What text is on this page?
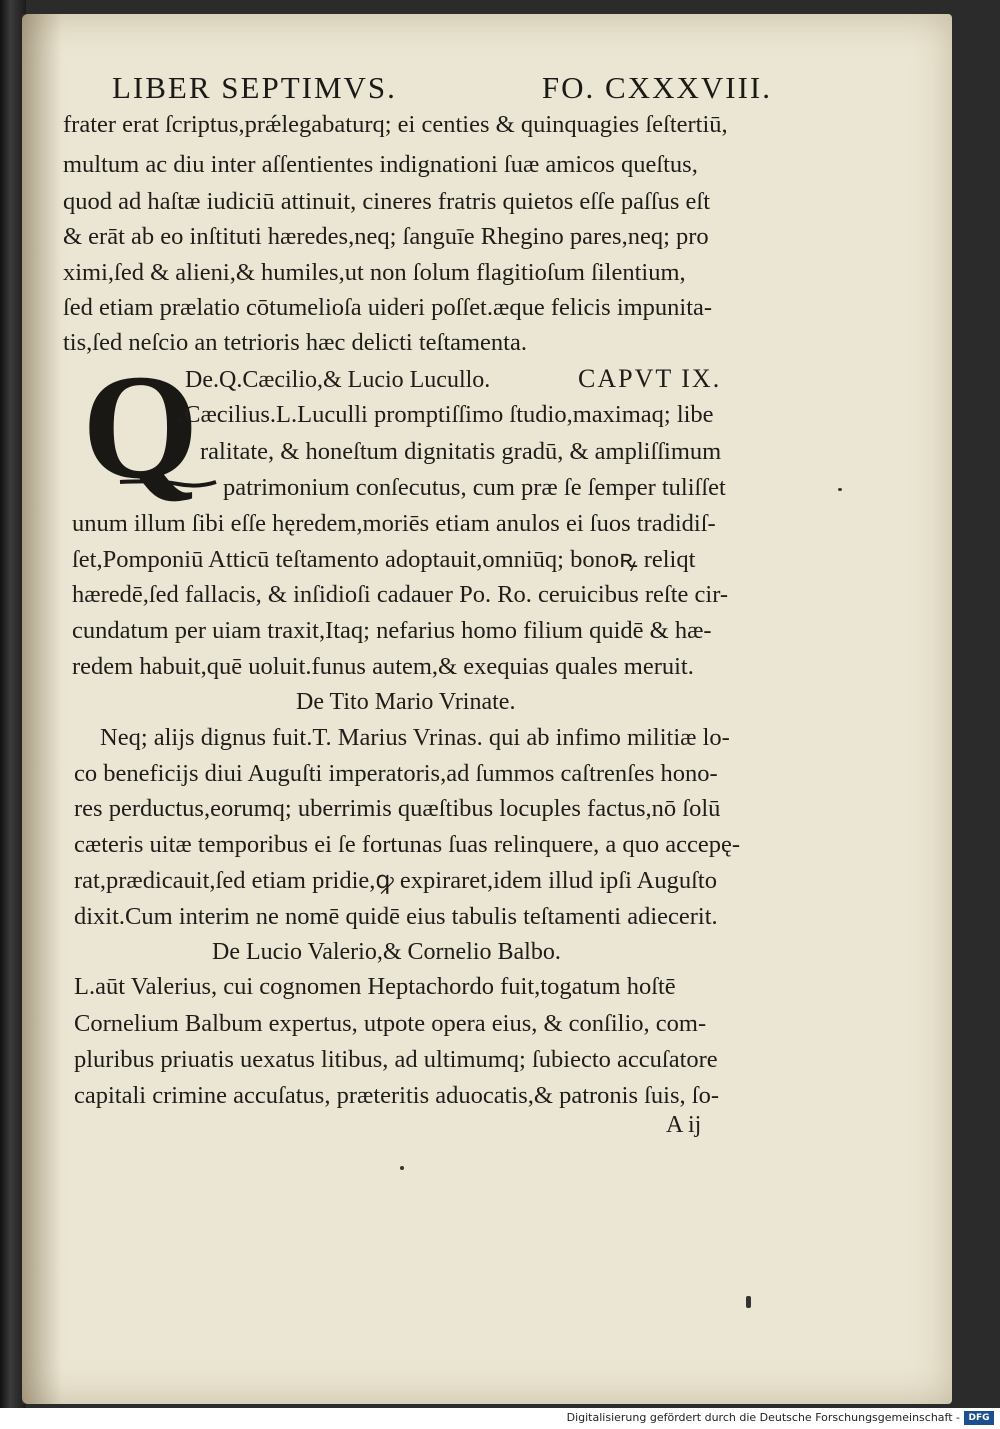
LIBER SEPTIMVS.	FO. CXXXVIII.
frater erat ſcriptus,prǽlegabaturq; ei centies & quinquagies ſeſtertiū,
multum ac diu inter aſſentientes indignationi ſuæ amicos queſtus,
quod ad haſtæ iudiciū attinuit, cineres fratris quietos eſſe paſſus eſt
& erāt ab eo inſtituti hæredes,neq; ſanguīe Rhegino pares,neq; pro
ximi,ſed & alieni,& humiles,ut non ſolum flagitioſum ſilentium,
ſed etiam prælatio cōtumelioſa uideri poſſet.æque felicis impunita-
tis,ſed neſcio an tetrioris hæc delicti teſtamenta.
De.Q.Cæcilio,& Lucio Lucullo.	CAPVT IX.
Q
.Cæcilius.L.Luculli promptiſſimo ſtudio,maximaq; libe
ralitate, & honeſtum dignitatis gradū, & ampliſſimum
patrimonium conſecutus, cum præ ſe ſemper tuliſſet
unum illum ſibi eſſe hęredem,moriēs etiam anulos ei ſuos tradidiſ-
ſet,Pomponiū Atticū teſtamento adoptauit,omniūq; bonoꝶ reliqt
hæredē,ſed fallacis, & inſidioſi cadauer Po. Ro. ceruicibus reſte cir-
cundatum per uiam traxit,Itaq; nefarius homo filium quidē & hæ-
redem habuit,quē uoluit.funus autem,& exequias quales meruit.
De Tito Mario Vrinate.
Neq; alijs dignus fuit.T. Marius Vrinas. qui ab infimo militiæ lo-
co beneficijs diui Auguſti imperatoris,ad ſummos caſtrenſes hono-
res perductus,eorumq; uberrimis quæſtibus locuples factus,nō ſolū
cæteris uitæ temporibus ei ſe fortunas ſuas relinquere, a quo accepę-
rat,prædicauit,ſed etiam pridie,ꝙ expiraret,idem illud ipſi Auguſto
dixit.Cum interim ne nomē quidē eius tabulis teſtamenti adiecerit.
De Lucio Valerio,& Cornelio Balbo.
L.aūt Valerius, cui cognomen Heptachordo fuit,togatum hoſtē
Cornelium Balbum expertus, utpote opera eius, & conſilio, com-
pluribus priuatis uexatus litibus, ad ultimumq; ſubiecto accuſatore
capitali crimine accuſatus, præteritis aduocatis,& patronis ſuis, ſo-
A ij
Digitalisierung gefördert durch die Deutsche Forschungsgemeinschaft - DFG
